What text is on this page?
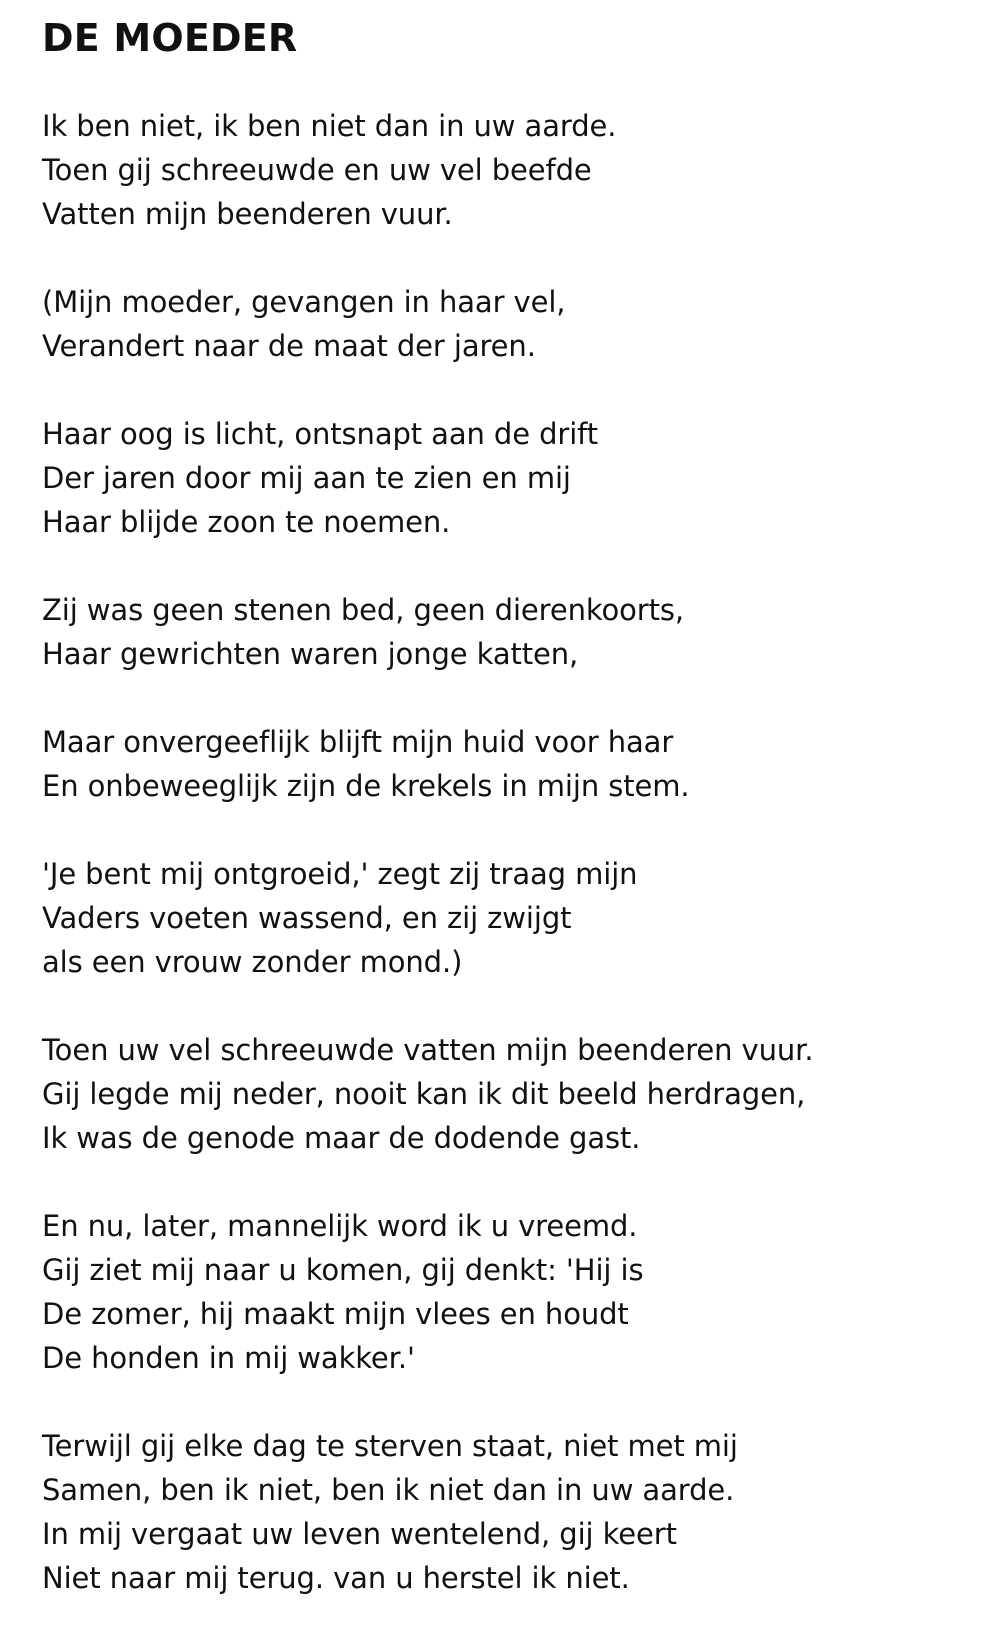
DE MOEDER
Ik ben niet, ik ben niet dan in uw aarde.
Toen gij schreeuwde en uw vel beefde
Vatten mijn beenderen vuur.
(Mijn moeder, gevangen in haar vel,
Verandert naar de maat der jaren.
Haar oog is licht, ontsnapt aan de drift
Der jaren door mij aan te zien en mij
Haar blijde zoon te noemen.
Zij was geen stenen bed, geen dierenkoorts,
Haar gewrichten waren jonge katten,
Maar onvergeeflijk blijft mijn huid voor haar
En onbeweeglijk zijn de krekels in mijn stem.
'Je bent mij ontgroeid,' zegt zij traag mijn
Vaders voeten wassend, en zij zwijgt
als een vrouw zonder mond.)
Toen uw vel schreeuwde vatten mijn beenderen vuur.
Gij legde mij neder, nooit kan ik dit beeld herdragen,
Ik was de genode maar de dodende gast.
En nu, later, mannelijk word ik u vreemd.
Gij ziet mij naar u komen, gij denkt: 'Hij is
De zomer, hij maakt mijn vlees en houdt
De honden in mij wakker.'
Terwijl gij elke dag te sterven staat, niet met mij
Samen, ben ik niet, ben ik niet dan in uw aarde.
In mij vergaat uw leven wentelend, gij keert
Niet naar mij terug. van u herstel ik niet.
